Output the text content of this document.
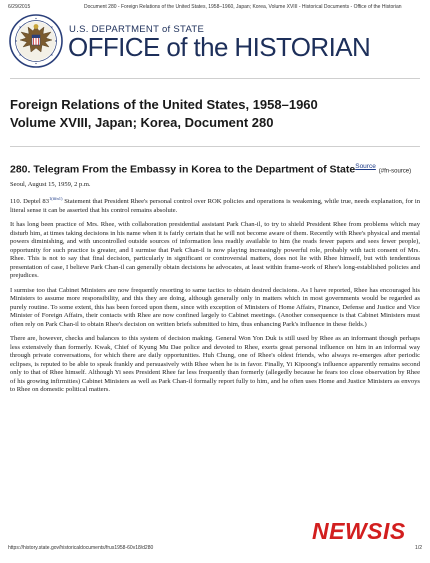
6/29/2015	Document 280 - Foreign Relations of the United States, 1958–1960, Japan; Korea, Volume XVIII - Historical Documents - Office of the Historian
U.S. DEPARTMENT of STATE
OFFICE of the HISTORIAN
Foreign Relations of the United States, 1958–1960
Volume XVIII, Japan; Korea, Document 280
280. Telegram From the Embassy in Korea to the Department of State$^{Source}$ (#fn-source)
Seoul, August 15, 1959, 2 p.m.

110. Deptel $83^{1(\#fn1)}$ Statement that President Rhee's personal control over ROK policies and operations is weakening, while true, needs explanation, for in literal sense it can be asserted that his control remains absolute.

It has long been practice of Mrs. Rhee, with collaboration presidential assistant Park Chan-il, to try to shield President Rhee from problems which may disturb him, at times taking decisions in his name when it is fairly certain that he will not become aware of them. Recently with Rhee's physical and mental powers diminishing, and with uncontrolled outside sources of information less readily available to him (he reads fewer papers and sees fewer people), opportunity for such practice is greater, and I surmise that Park Chan-il is now playing increasingly powerful role, probably with tacit consent of Mrs. Rhee. This is not to say that final decision, particularly in significant or controversial matters, does not lie with Rhee himself, but with tendentious presentation of case, I believe Park Chan-il can generally obtain decisions he advocates, at least within frame-work of Rhee's long-established policies and prejudices.

I surmise too that Cabinet Ministers are now frequently resorting to same tactics to obtain desired decisions. As I have reported, Rhee has encouraged his Ministers to assume more responsibility, and this they are doing, although generally only in matters which in most governments would be regarded as purely routine. To some extent, this has been forced upon them, since with exception of Ministers of Home Affairs, Finance, Defense and Justice and Vice Minister of Foreign Affairs, their contacts with Rhee are now confined largely to Cabinet meetings. (Another consequence is that Cabinet Ministers must often rely on Park Chan-il to obtain Rhee's decision on written briefs submitted to him, thus enhancing Park's influence in these fields.)

There are, however, checks and balances to this system of decision making. General Won Yon Duk is still used by Rhee as an informant though perhaps less extensively than formerly. Kwak, Chief of Kyung Mu Dae police and devoted to Rhee, exerts great personal influence on him in an informal way through private conversations, for which there are daily opportunities. Huh Chung, one of Rhee's oldest friends, who always re-emerges after periodic eclipses, is reputed to be able to speak frankly and persuasively with Rhee when he is in favor. Finally, Yi Kipoong's influence apparently remains second only to that of Rhee himself. Although Yi sees President Rhee far less frequently than formerly (allegedly because he fears too close observation by Rhee of his growing infirmities) Cabinet Ministers as well as Park Chan-il formally report fully to him, and he often uses Home and Justice Ministers as envoys to Rhee on domestic political matters.

NEWSIS
https://history.state.gov/historicaldocuments/frus1958-60v18/d280	1/2
